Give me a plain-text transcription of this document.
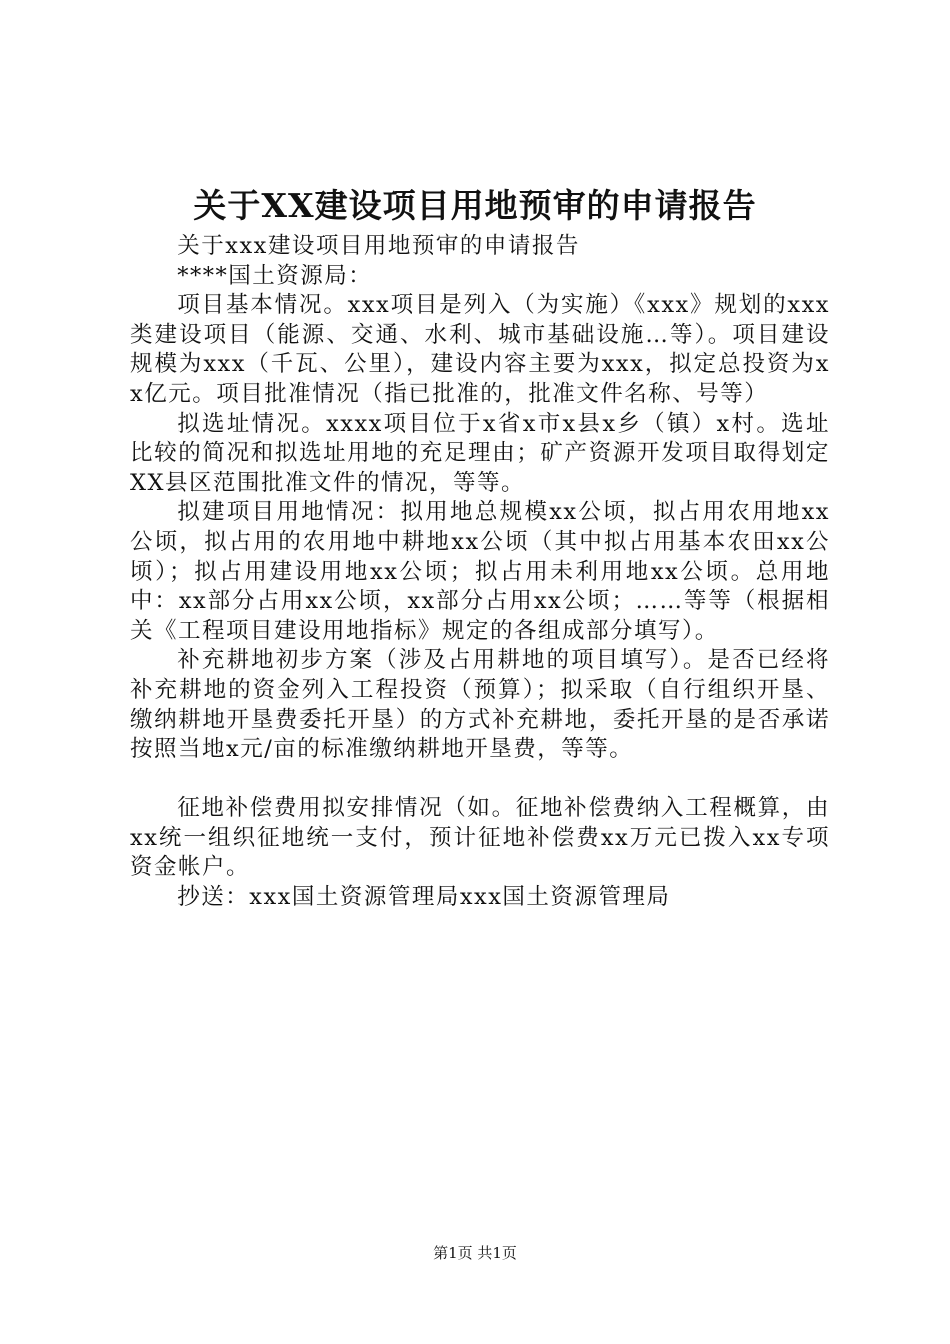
关于XX建设项目用地预审的申请报告

关于xxx建设项目用地预审的申请报告

****国土资源局：

项目基本情况。xxx项目是列入（为实施）《xxx》规划的xxx类建设项目（能源、交通、水利、城市基础设施…等）。项目建设规模为xxx（千瓦、公里），建设内容主要为xxx，拟定总投资为xx亿元。项目批准情况（指已批准的，批准文件名称、号等）

拟选址情况。xxxx项目位于x省x市x县x乡（镇）x村。选址比较的简况和拟选址用地的充足理由；矿产资源开发项目取得划定XX县区范围批准文件的情况，等等。

拟建项目用地情况：拟用地总规模xx公顷，拟占用农用地xx公顷，拟占用的农用地中耕地xx公顷（其中拟占用基本农田xx公顷）；拟占用建设用地xx公顷；拟占用未利用地xx公顷。总用地中：xx部分占用xx公顷，xx部分占用xx公顷；……等等（根据相关《工程项目建设用地指标》规定的各组成部分填写）。

补充耕地初步方案（涉及占用耕地的项目填写）。是否已经将补充耕地的资金列入工程投资（预算）；拟采取（自行组织开垦、缴纳耕地开垦费委托开垦）的方式补充耕地，委托开垦的是否承诺按照当地x元/亩的标准缴纳耕地开垦费，等等。

征地补偿费用拟安排情况（如。征地补偿费纳入工程概算，由xx统一组织征地统一支付，预计征地补偿费xx万元已拨入xx专项资金帐户。

抄送：xxx国土资源管理局xxx国土资源管理局

第1页 共1页
